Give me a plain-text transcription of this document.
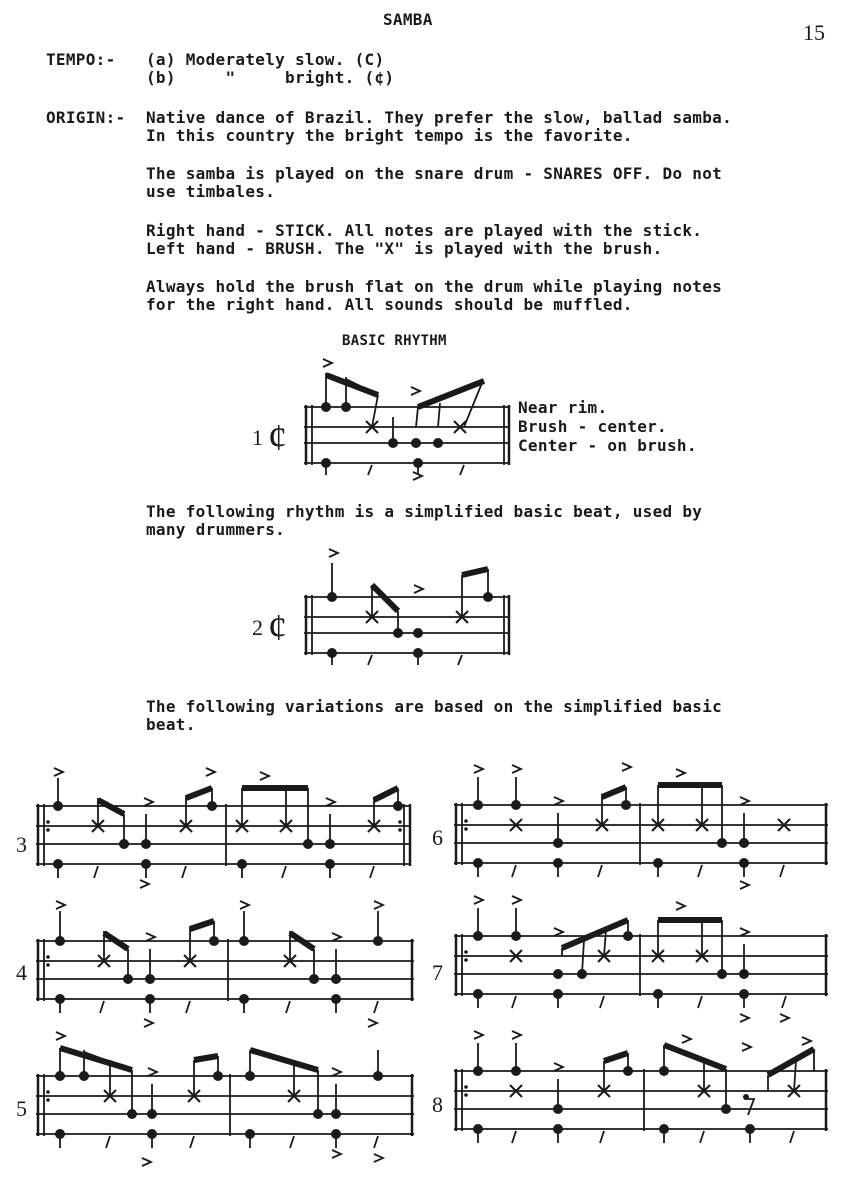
SAMBA
15
TEMPO:- (a) Moderately slow. (C)
(b)     "     bright. (¢)
ORIGIN:- Native dance of Brazil. They prefer the slow, ballad samba.
In this country the bright tempo is the favorite.
The samba is played on the snare drum - SNARES OFF. Do not
use timbales.
Right hand - STICK. All notes are played with the stick.
Left hand - BRUSH. The "X" is played with the brush.
Always hold the brush flat on the drum while playing notes
for the right hand. All sounds should be muffled.
BASIC RHYTHM
1
Near rim.
Brush - center.
Center - on brush.
¢
The following rhythm is a simplified basic beat, used by
many drummers.
2 ¢
The following variations are based on the simplified basic
beat.
3
4
5
6
7
8
